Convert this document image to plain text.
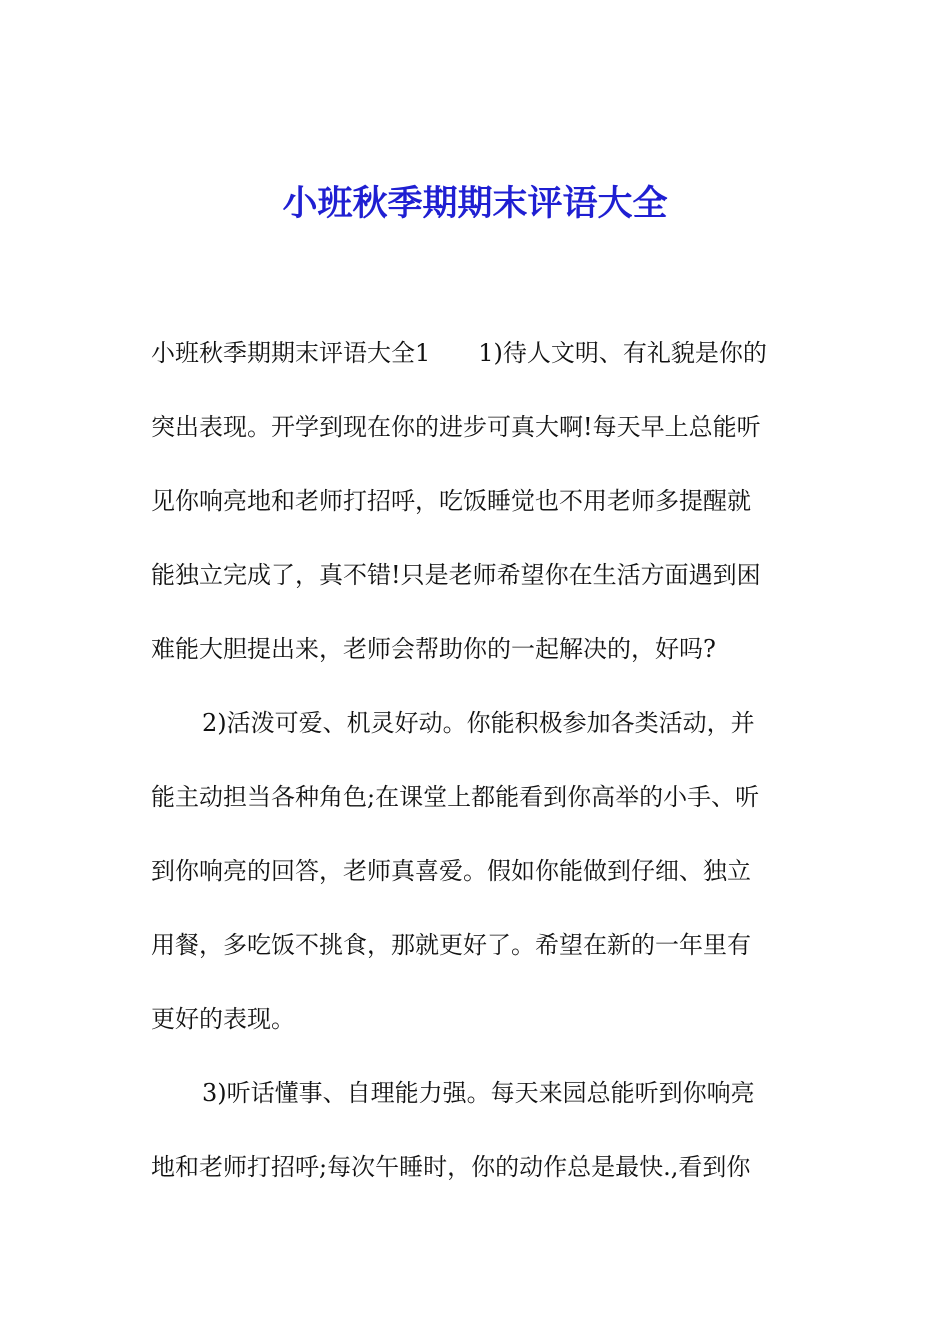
小班秋季期期末评语大全
小班秋季期期末评语大全1　　1)待人文明、有礼貌是你的
突出表现。开学到现在你的进步可真大啊!每天早上总能听
见你响亮地和老师打招呼，吃饭睡觉也不用老师多提醒就
能独立完成了，真不错!只是老师希望你在生活方面遇到困
难能大胆提出来，老师会帮助你的一起解决的，好吗?
2)活泼可爱、机灵好动。你能积极参加各类活动，并
能主动担当各种角色;在课堂上都能看到你高举的小手、听
到你响亮的回答，老师真喜爱。假如你能做到仔细、独立
用餐，多吃饭不挑食，那就更好了。希望在新的一年里有
更好的表现。
3)听话懂事、自理能力强。每天来园总能听到你响亮
地和老师打招呼;每次午睡时，你的动作总是最快.,看到你
